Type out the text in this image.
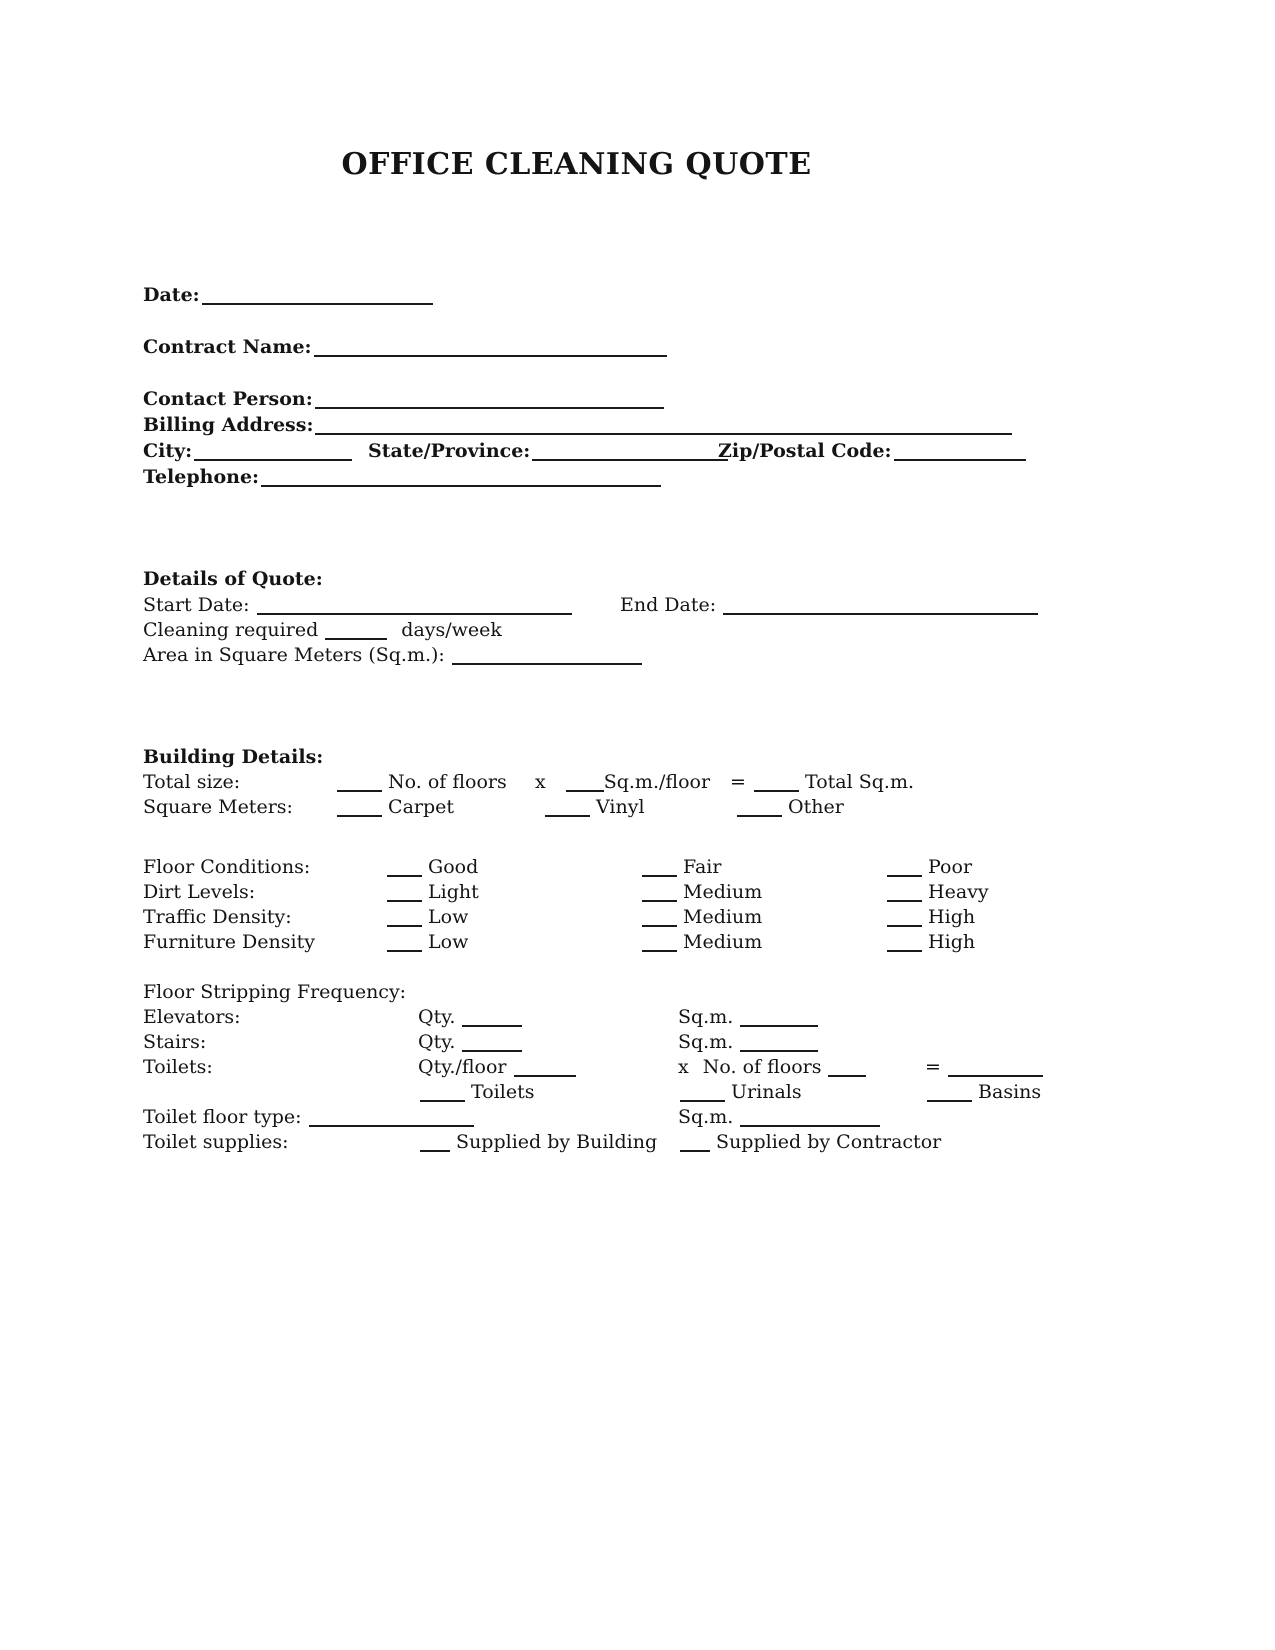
OFFICE CLEANING QUOTE
Date:
Contract Name:
Contact Person:
Billing Address:
City:	State/Province:	Zip/Postal Code:
Telephone:
Details of Quote:
Start Date:	End Date:
Cleaning required	days/week
Area in Square Meters (Sq.m.):
Building Details:
Total size:	No. of floors x	Sq.m./floor =	Total Sq.m.
Square Meters:	Carpet	Vinyl	Other
Floor Conditions:	Good	Fair	Poor
Dirt Levels:	Light	Medium	Heavy
Traffic Density:	Low	Medium	High
Furniture Density	Low	Medium	High
Floor Stripping Frequency:
Elevators:	Qty.	Sq.m.
Stairs:	Qty.	Sq.m.
Toilets:	Qty./floor	x No. of floors	=
Toilets	Urinals	Basins
Toilet floor type:	Sq.m.
Toilet supplies:	Supplied by Building	Supplied by Contractor
